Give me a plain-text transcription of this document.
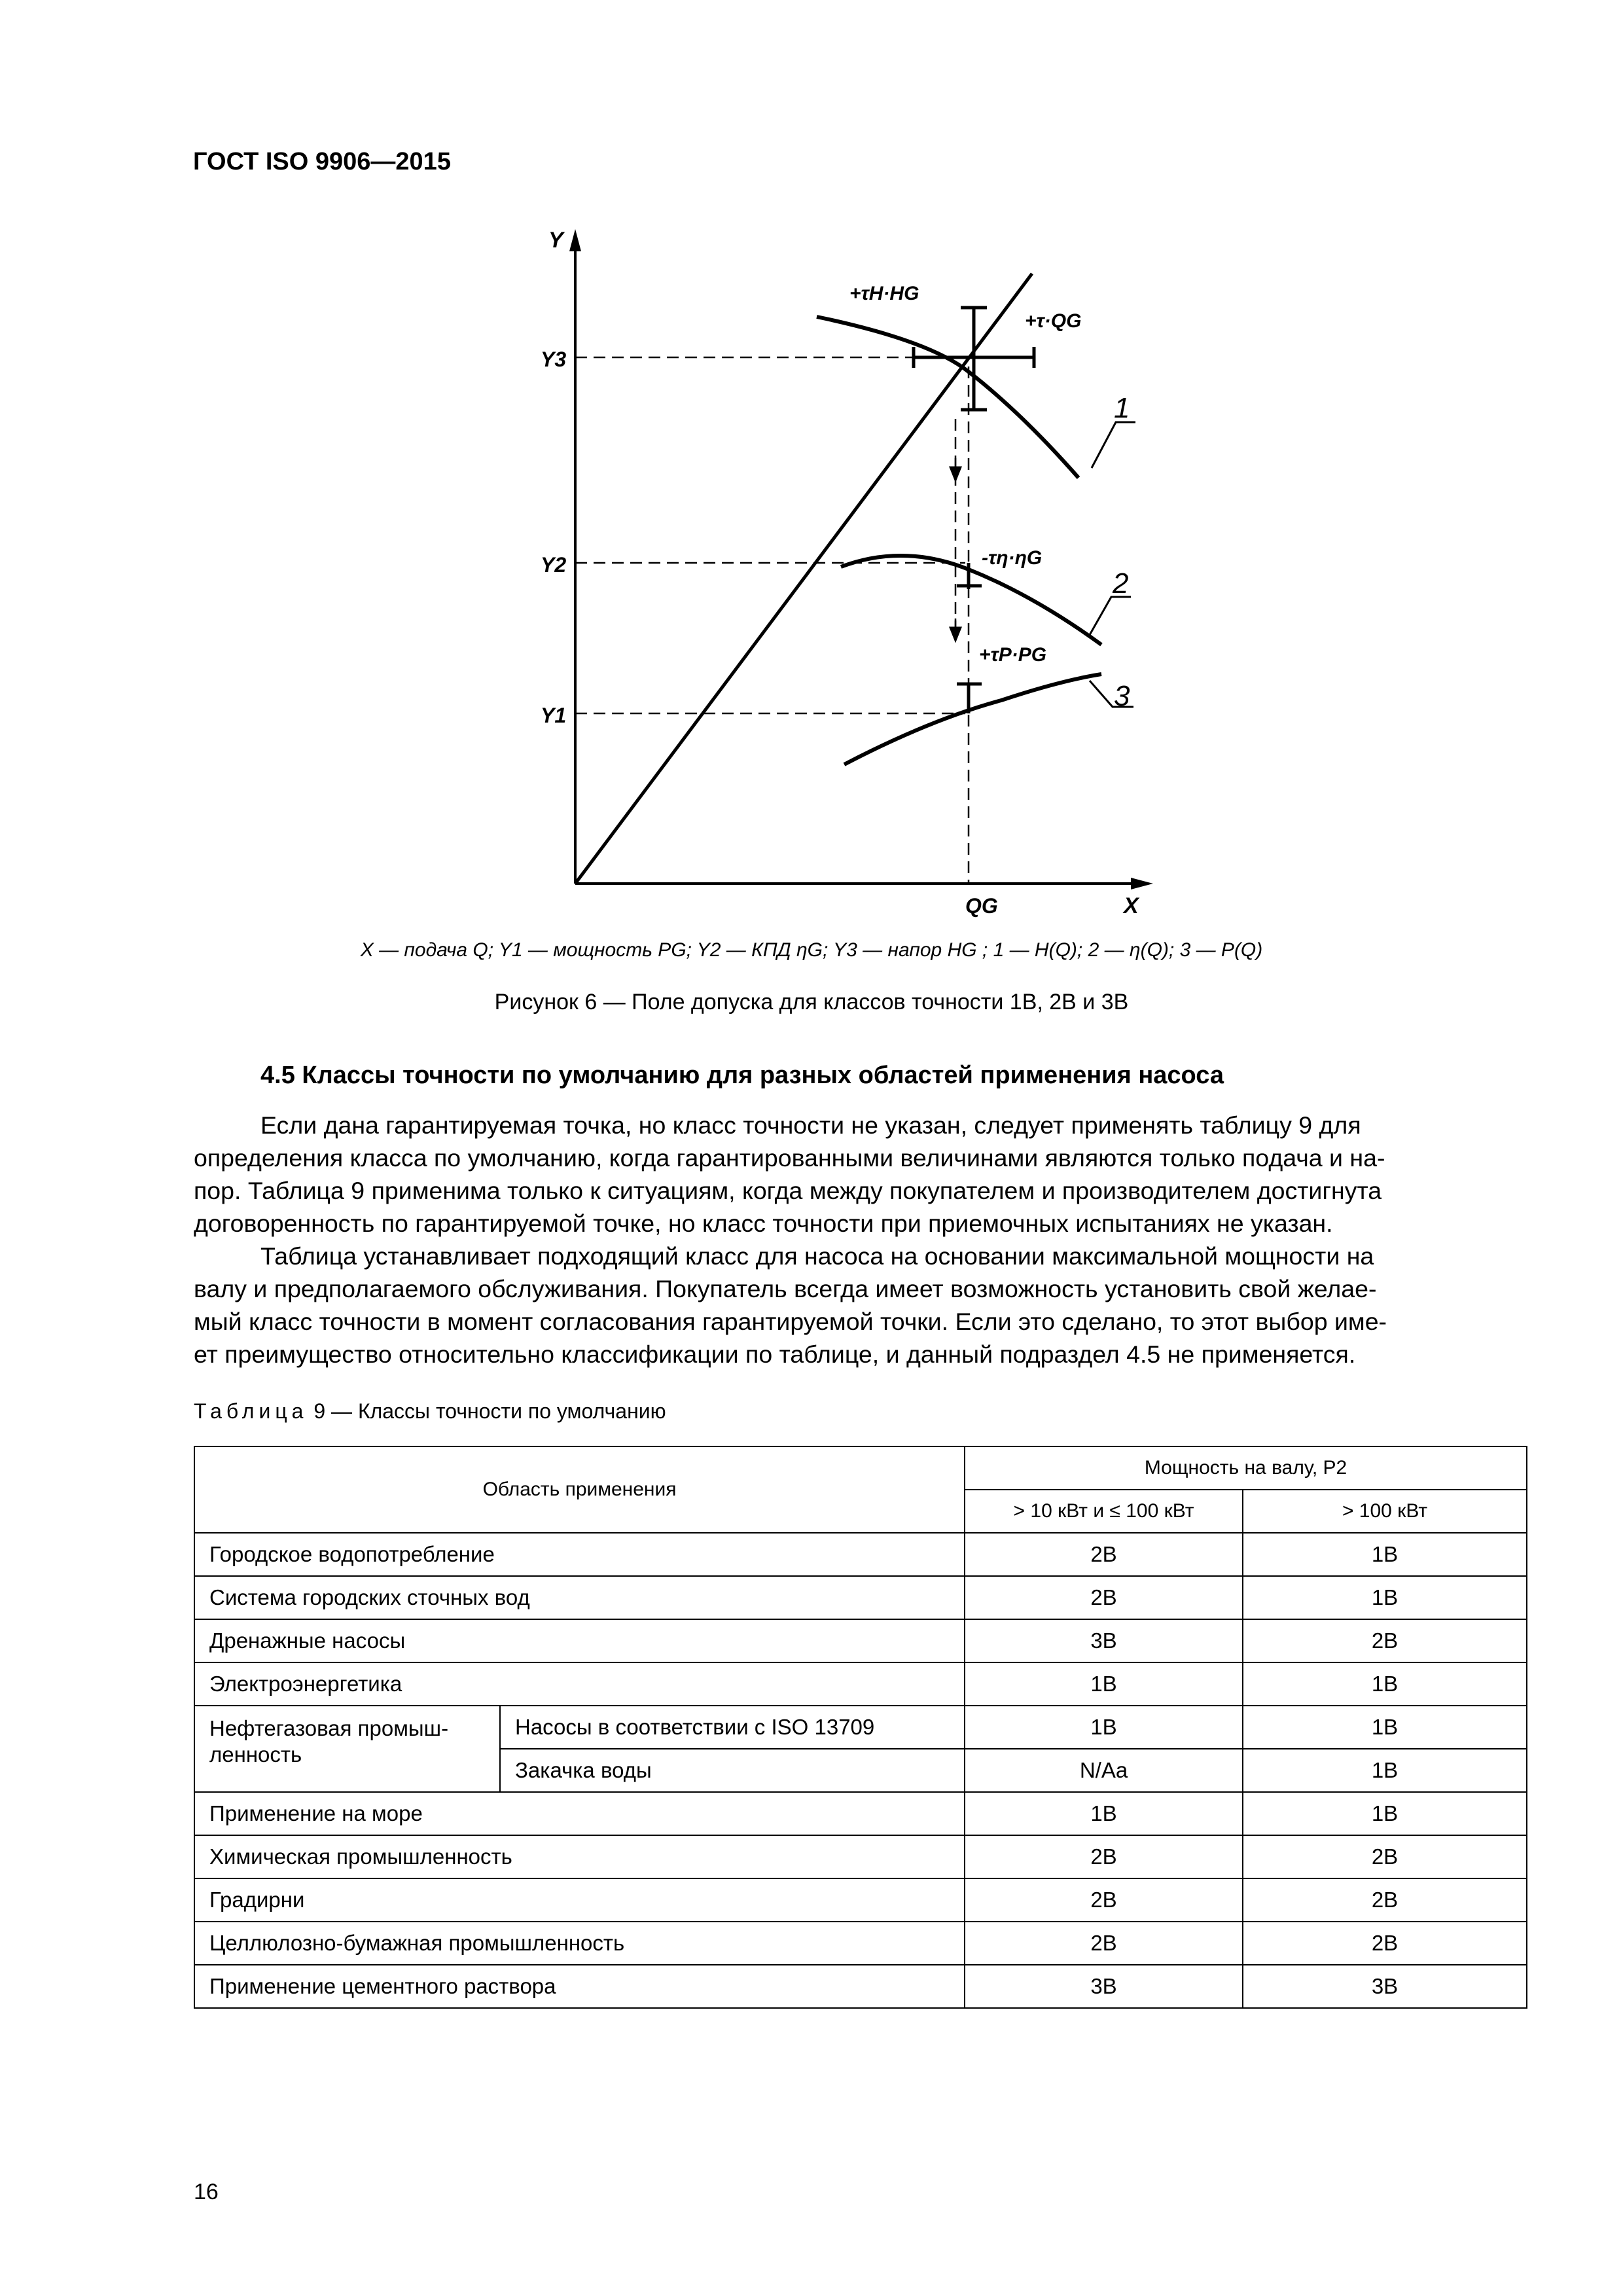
ГОСТ ISO 9906—2015
Y
X
QG
Y3
Y2
Y1
+τH·HG
+τ·QG
-τη·ηG
+τP·PG
1
2
3
X — подача Q; Y1 — мощность PG; Y2 — КПД ηG; Y3 — напор HG ; 1 — H(Q); 2 — η(Q); 3 — P(Q)
Рисунок 6 — Поле допуска для классов точности 1В, 2В и 3В
4.5 Классы точности по умолчанию для разных областей применения насоса
Если дана гарантируемая точка, но класс точности не указан, следует применять таблицу 9 для
определения класса по умолчанию, когда гарантированными величинами являются только подача и на-
пор. Таблица 9 применима только к ситуациям, когда между покупателем и производителем достигнута
договоренность по гарантируемой точке, но класс точности при приемочных испытаниях не указан.
Таблица устанавливает подходящий класс для насоса на основании максимальной мощности на
валу и предполагаемого обслуживания. Покупатель всегда имеет возможность установить свой желае-
мый класс точности в момент согласования гарантируемой точки. Если это сделано, то этот выбор име-
ет преимущество относительно классификации по таблице, и данный подраздел 4.5 не применяется.
Таблица 9 — Классы точности по умолчанию
Область применения		Мощность на валу, P2	
		> 10 кВт и ≤ 100 кВт	> 100 кВт
Городское водопотребление		2В	1В
Система городских сточных вод		2В	1В
Дренажные насосы		3В	2В
Электроэнергетика		1В	1В
Нефтегазовая промыш-ленность	Насосы в соответствии с ISO 13709	1В	1В
	Закачка воды	N/Aa	1В
Применение на море		1В	1В
Химическая промышленность		2В	2В
Градирни		2В	2В
Целлюлозно-бумажная промышленность		2В	2В
Применение цементного раствора		3В	3В
16
